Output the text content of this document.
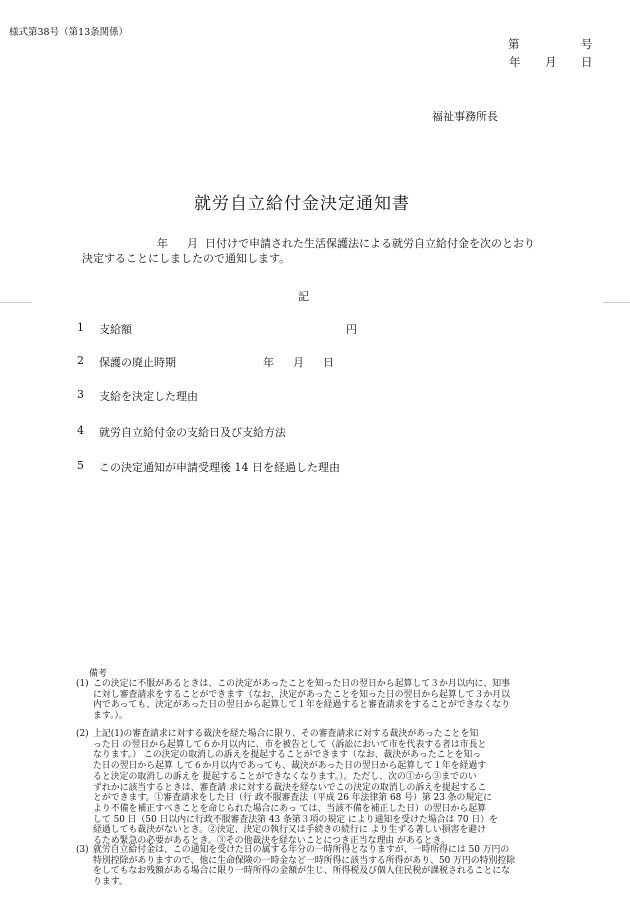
様式第38号（第13条関係）
第	号
年 月 日
福祉事務所長
就労自立給付金決定通知書
年 月 日付けで申請された生活保護法による就労自立給付金を次のとおり
決定することにしましたので通知します。
記
1 支給額	円
2 保護の廃止時期	年 月 日
3 支給を決定した理由
4 就労自立給付金の支給日及び支給方法
5 この決定通知が申請受理後 14 日を経過した理由
備考
(1) この決定に不服があるときは、この決定があったことを知った日の翌日から起算して３か月以内に、知事
に対し審査請求をすることができます（なお、決定があったことを知った日の翌日から起算して３か月以
内であっても、決定があった日の翌日から起算して１年を経過すると審査請求をすることができなくなり
ます。）。
(2) 上記(1)の審査請求に対する裁決を経た場合に限り、その審査請求に対する裁決があったことを知
った日 の翌日から起算して６か月以内に、市を被告として（訴訟において市を代表する者は市長と
なります。） この決定の取消しの訴えを提起することができます（なお、裁決があったことを知っ
た日の翌日から起算 して６か月以内であっても、裁決があった日の翌日から起算して１年を経過す
ると決定の取消しの訴えを 提起することができなくなります。）。ただし、次の①から③までのい
ずれかに該当するときは、審査請 求に対する裁決を経ないでこの決定の取消しの訴えを提起するこ
とができます。①審査請求をした日（行 政不服審査法（平成 26 年法律第 68 号）第 23 条の規定に
より不備を補正すべきことを命じられた場合にあっ ては、当該不備を補正した日）の翌日から起算
して 50 日（50 日以内に行政不服審査法第 43 条第３項の規定 により通知を受けた場合は 70 日）を
経過しても裁決がないとき。②決定、決定の執行又は手続きの続行に より生ずる著しい損害を避け
るため緊急の必要があるとき。③その他裁決を経ないことにつき正当な理由 があるとき。
(3) 就労自立給付金は、この通知を受けた日の属する年分の一時所得となりますが、一時所得には 50 万円の
特別控除がありますので、他に生命保険の一時金など一時所得に該当する所得があり、50 万円の特別控除
をしてもなお残額がある場合に限り一時所得の金額が生じ、所得税及び個人住民税が課税されることにな
ります。
